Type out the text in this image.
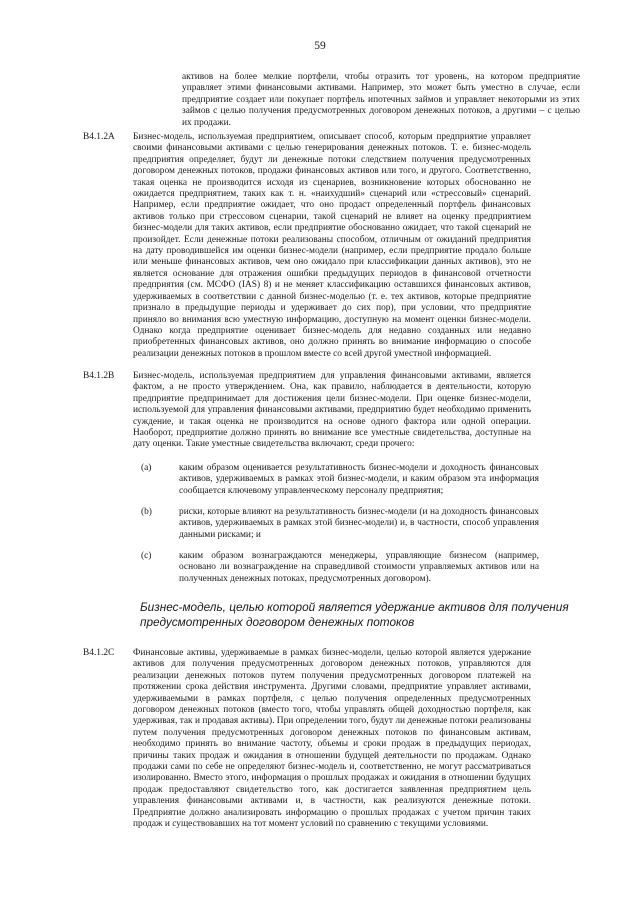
59
активов на более мелкие портфели, чтобы отразить тот уровень, на котором предприятие управляет этими финансовыми активами. Например, это может быть уместно в случае, если предприятие создает или покупает портфель ипотечных займов и управляет некоторыми из этих займов с целью получения предусмотренных договором денежных потоков, а другими – с целью их продажи.
B4.1.2A Бизнес-модель, используемая предприятием, описывает способ, которым предприятие управляет своими финансовыми активами с целью генерирования денежных потоков. Т. е. бизнес-модель предприятия определяет, будут ли денежные потоки следствием получения предусмотренных договором денежных потоков, продажи финансовых активов или того, и другого. Соответственно, такая оценка не производится исходя из сценариев, возникновение которых обоснованно не ожидается предприятием, таких как т. н. «наихудший» сценарий или «стрессовый» сценарий. Например, если предприятие ожидает, что оно продаст определенный портфель финансовых активов только при стрессовом сценарии, такой сценарий не влияет на оценку предприятием бизнес-модели для таких активов, если предприятие обоснованно ожидает, что такой сценарий не произойдет. Если денежные потоки реализованы способом, отличным от ожиданий предприятия на дату проводившейся им оценки бизнес-модели (например, если предприятие продало больше или меньше финансовых активов, чем оно ожидало при классификации данных активов), это не является основание для отражения ошибки предыдущих периодов в финансовой отчетности предприятия (см. МСФО (IAS) 8) и не меняет классификацию оставшихся финансовых активов, удерживаемых в соответствии с данной бизнес-моделью (т. е. тех активов, которые предприятие признало в предыдущие периоды и удерживает до сих пор), при условии, что предприятие приняло во внимания всю уместную информацию, доступную на момент оценки бизнес-модели. Однако когда предприятие оценивает бизнес-модель для недавно созданных или недавно приобретенных финансовых активов, оно должно принять во внимание информацию о способе реализации денежных потоков в прошлом вместе со всей другой уместной информацией.
B4.1.2B Бизнес-модель, используемая предприятием для управления финансовыми активами, является фактом, а не просто утверждением. Она, как правило, наблюдается в деятельности, которую предприятие предпринимает для достижения цели бизнес-модели. При оценке бизнес-модели, используемой для управления финансовыми активами, предприятию будет необходимо применить суждение, и такая оценка не производится на основе одного фактора или одной операции. Наоборот, предприятие должно принять во внимание все уместные свидетельства, доступные на дату оценки. Такие уместные свидетельства включают, среди прочего:
(a)	каким образом оценивается результативность бизнес-модели и доходность финансовых активов, удерживаемых в рамках этой бизнес-модели, и каким образом эта информация сообщается ключевому управленческому персоналу предприятия;
(b)	риски, которые влияют на результативность бизнес-модели (и на доходность финансовых активов, удерживаемых в рамках этой бизнес-модели) и, в частности, способ управления данными рисками; и
(c)	каким образом вознаграждаются менеджеры, управляющие бизнесом (например, основано ли вознаграждение на справедливой стоимости управляемых активов или на полученных денежных потоках, предусмотренных договором).
Бизнес-модель, целью которой является удержание активов для получения предусмотренных договором денежных потоков
B4.1.2C Финансовые активы, удерживаемые в рамках бизнес-модели, целью которой является удержание активов для получения предусмотренных договором денежных потоков, управляются для реализации денежных потоков путем получения предусмотренных договором платежей на протяжении срока действия инструмента. Другими словами, предприятие управляет активами, удерживаемыми в рамках портфеля, с целью получения определенных предусмотренных договором денежных потоков (вместо того, чтобы управлять общей доходностью портфеля, как удерживая, так и продавая активы). При определении того, будут ли денежные потоки реализованы путем получения предусмотренных договором денежных потоков по финансовым активам, необходимо принять во внимание частоту, объемы и сроки продаж в предыдущих периодах, причины таких продаж и ожидания в отношении будущей деятельности по продажам. Однако продажи сами по себе не определяют бизнес-модель и, соответственно, не могут рассматриваться изолированно. Вместо этого, информация о прошлых продажах и ожидания в отношении будущих продаж предоставляют свидетельство того, как достигается заявленная предприятием цель управления финансовыми активами и, в частности, как реализуются денежные потоки. Предприятие должно анализировать информацию о прошлых продажах с учетом причин таких продаж и существовавших на тот момент условий по сравнению с текущими условиями.
